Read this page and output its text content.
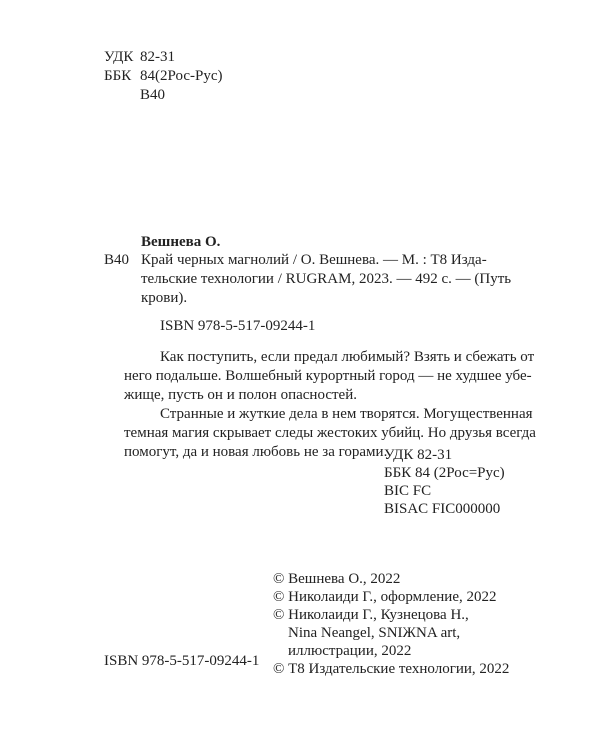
УДК 82-31
ББК 84(2Рос-Рус)
В40
Вешнева О.
В40 Край черных магнолий / О. Вешнева. — М. : Т8 Изда-

тельские технологии / RUGRAM, 2023. — 492 с. — (Путь

крови).

ISBN 978-5-517-09244-1

Как поступить, если предал любимый? Взять и сбежать от

него подальше. Волшебный курортный город — не худшее убе-

жище, пусть он и полон опасностей.

Странные и жуткие дела в нем творятся. Могущественная

темная магия скрывает следы жестоких убийц. Но друзья всегда

помогут, да и новая любовь не за горами.

УДК 82-31
ББК 84 (2Рос=Рус)
BIC FC
BISAC FIC000000
© Вешнева О., 2022
© Николаиди Г., оформление, 2022
© Николаиди Г., Кузнецова Н.,
Nina Neangel, SNIЖNA art,
иллюстрации, 2022
© Т8 Издательские технологии, 2022
ISBN 978-5-517-09244-1
